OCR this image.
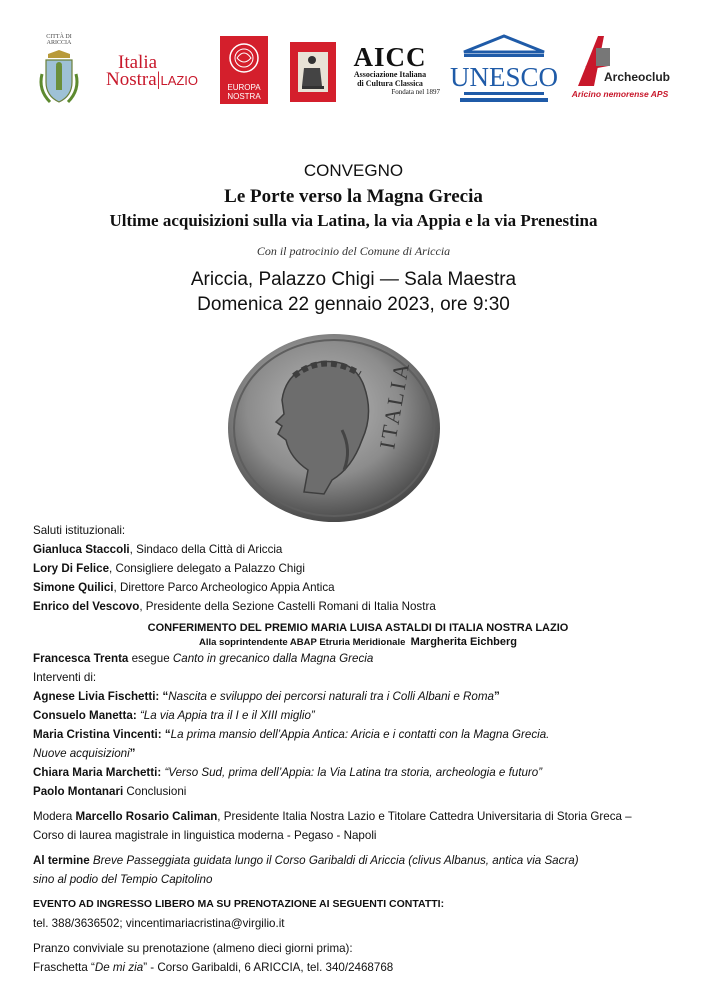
CITTÀ DI ARICCIA
Italia
Nostra|LAZIO	EUROPA
NOSTRA
AICC
Associazione Italiana
di Cultura Classica
Fondata nel 1897 UNESCO	Archeoclub
Aricino nemorense APS
CONVEGNO
Le Porte verso la Magna Grecia
Ultime acquisizioni sulla via Latina, la via Appia e la via Prenestina
Con il patrocinio del Comune di Ariccia
Ariccia, Palazzo Chigi — Sala Maestra
Domenica 22 gennaio 2023, ore 9:30
ITALIA
Saluti istituzionali:
Gianluca Staccoli, Sindaco della Città di Ariccia
Lory Di Felice, Consigliere delegato a Palazzo Chigi
Simone Quilici, Direttore Parco Archeologico Appia Antica
Enrico del Vescovo, Presidente della Sezione Castelli Romani di Italia Nostra
CONFERIMENTO DEL PREMIO MARIA LUISA ASTALDI DI ITALIA NOSTRA LAZIO
Alla soprintendente ABAP Etruria Meridionale Margherita Eichberg
Francesca Trenta esegue Canto in grecanico dalla Magna Grecia
Interventi di:
Agnese Livia Fischetti: “Nascita e sviluppo dei percorsi naturali tra i Colli Albani e Roma”
Consuelo Manetta: “La via Appia tra il I e il XIII miglio”
Maria Cristina Vincenti: “La prima mansio dell’Appia Antica: Aricia e i contatti con la Magna Grecia.
Nuove acquisizioni”
Chiara Maria Marchetti: “Verso Sud, prima dell’Appia: la Via Latina tra storia, archeologia e futuro”
Paolo Montanari Conclusioni
Modera Marcello Rosario Caliman, Presidente Italia Nostra Lazio e Titolare Cattedra Universitaria di Storia Greca –
Corso di laurea magistrale in linguistica moderna - Pegaso - Napoli
Al termine Breve Passeggiata guidata lungo il Corso Garibaldi di Ariccia (clivus Albanus, antica via Sacra)
sino al podio del Tempio Capitolino
EVENTO AD INGRESSO LIBERO MA SU PRENOTAZIONE AI SEGUENTI CONTATTI:
tel. 388/3636502; vincentimariacristina@virgilio.it
Pranzo conviviale su prenotazione (almeno dieci giorni prima):
Fraschetta “De mi zia” - Corso Garibaldi, 6 ARICCIA, tel. 340/2468768
